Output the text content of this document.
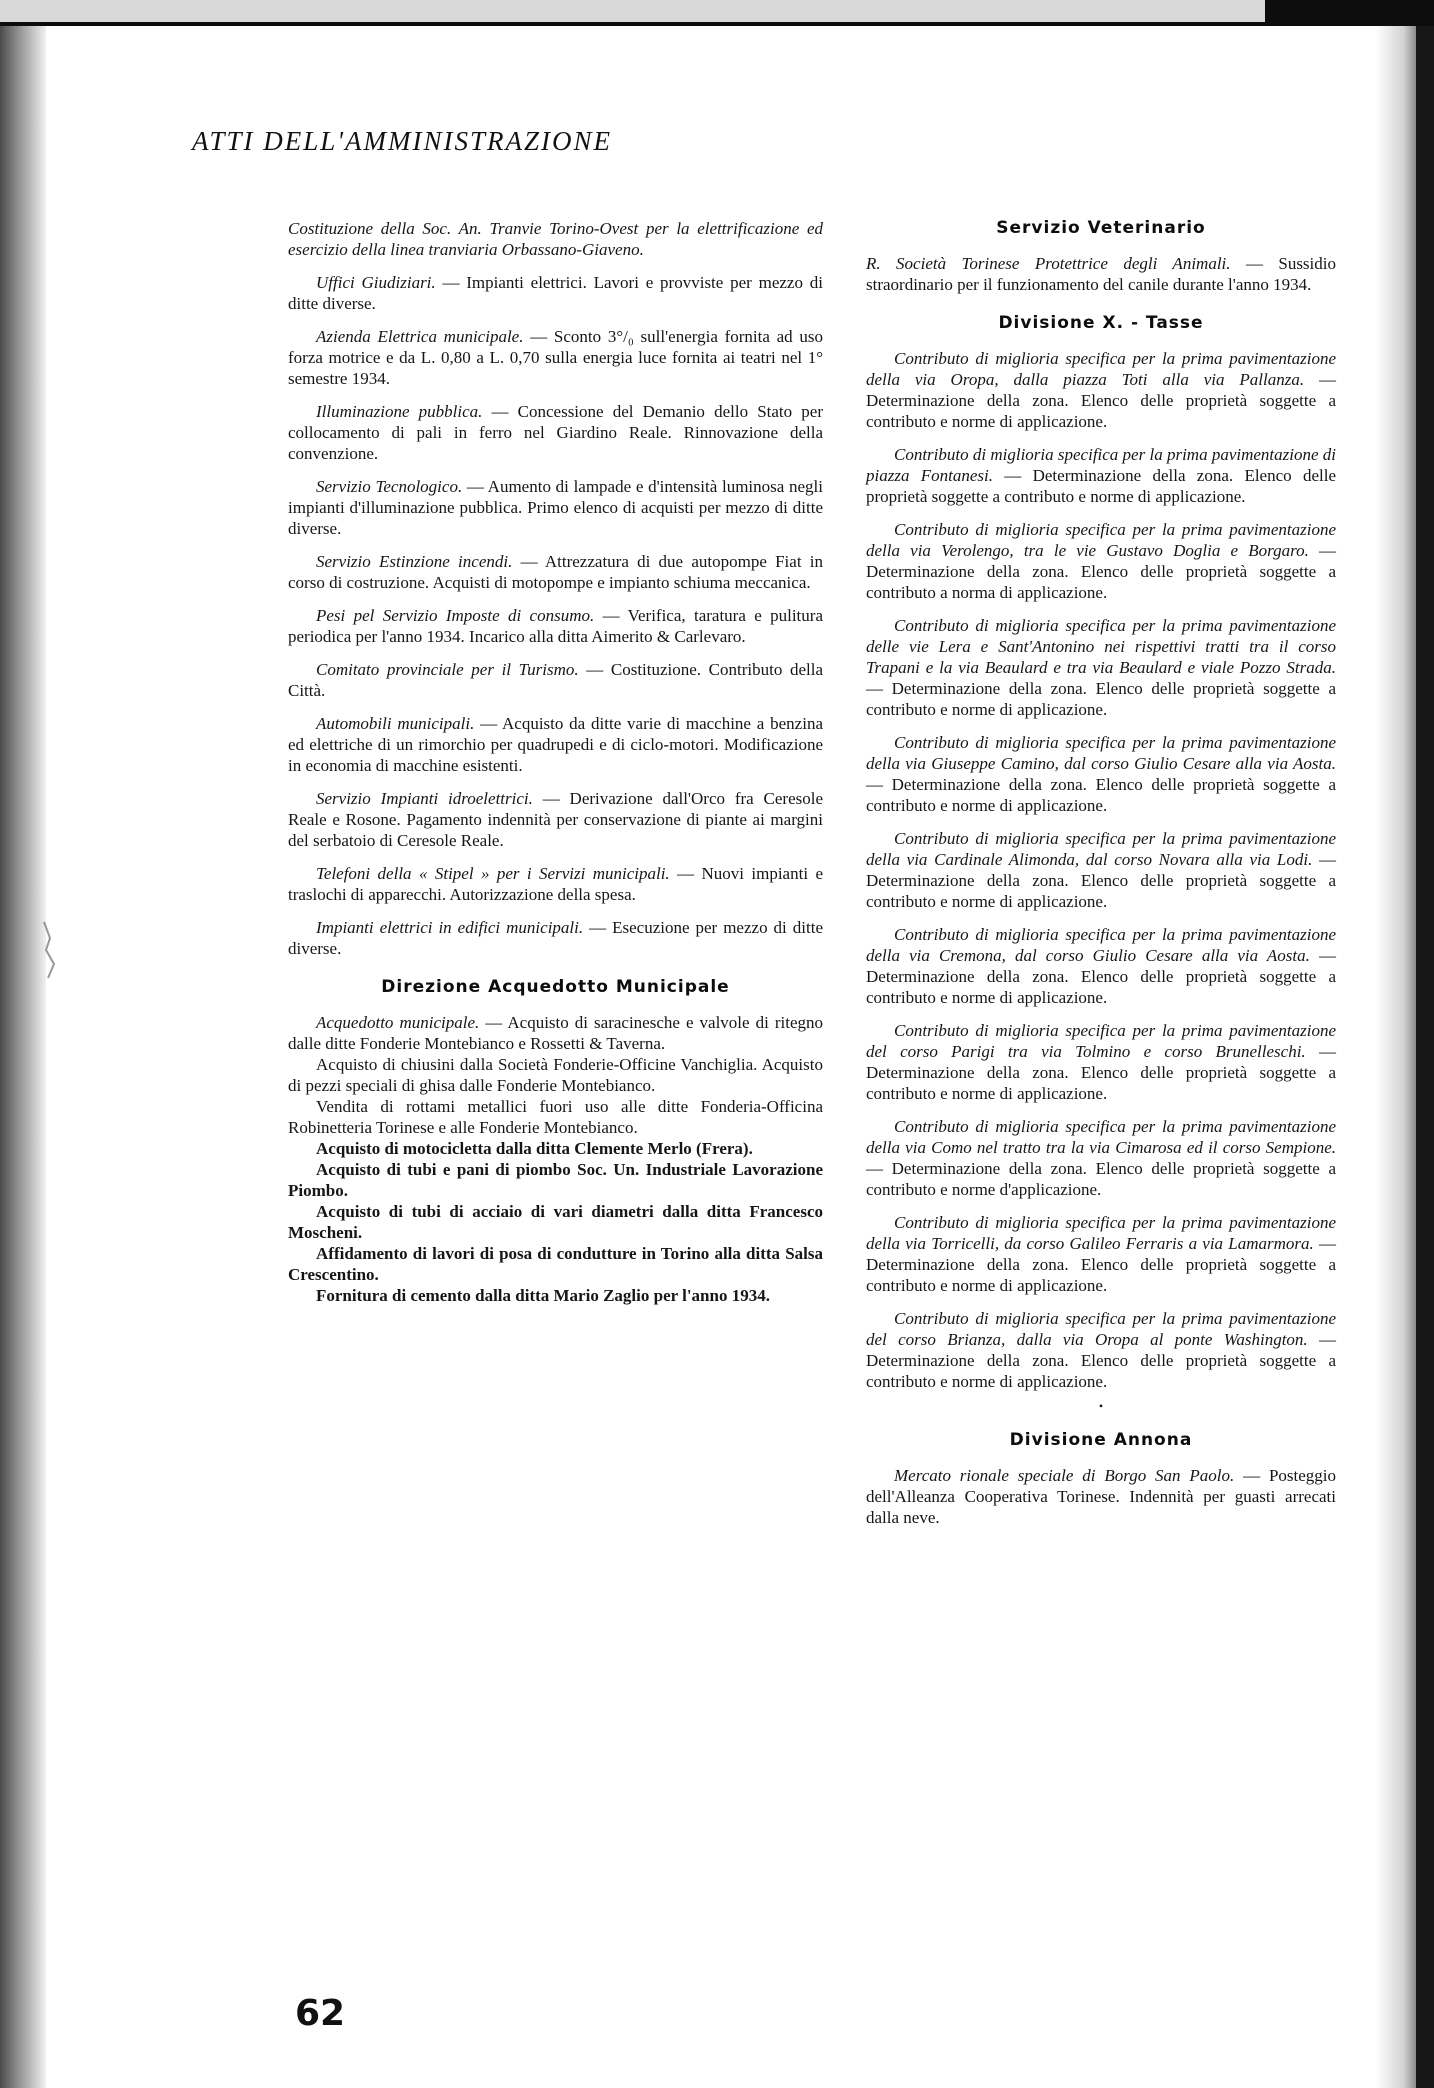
ATTI DELL'AMMINISTRAZIONE

Costituzione della Soc. An. Tranvie Torino-Ovest per la elettrificazione ed esercizio della linea tranviaria Orbassano-Giaveno.

Uffici Giudiziari. — Impianti elettrici. Lavori e provviste per mezzo di ditte diverse.

Azienda Elettrica municipale. — Sconto 3°/₀ sull'energia fornita ad uso forza motrice e da L. 0,80 a L. 0,70 sulla energia luce fornita ai teatri nel 1° semestre 1934.

Illuminazione pubblica. — Concessione del Demanio dello Stato per collocamento di pali in ferro nel Giardino Reale. Rinnovazione della convenzione.

Servizio Tecnologico. — Aumento di lampade e d'intensità luminosa negli impianti d'illuminazione pubblica. Primo elenco di acquisti per mezzo di ditte diverse.

Servizio Estinzione incendi. — Attrezzatura di due autopompe Fiat in corso di costruzione. Acquisti di motopompe e impianto schiuma meccanica.

Pesi pel Servizio Imposte di consumo. — Verifica, taratura e pulitura periodica per l'anno 1934. Incarico alla ditta Aimerito & Carlevaro.

Comitato provinciale per il Turismo. — Costituzione. Contributo della Città.

Automobili municipali. — Acquisto da ditte varie di macchine a benzina ed elettriche di un rimorchio per quadrupedi e di ciclo-motori. Modificazione in economia di macchine esistenti.

Servizio Impianti idroelettrici. — Derivazione dall'Orco fra Ceresole Reale e Rosone. Pagamento indennità per conservazione di piante ai margini del serbatoio di Ceresole Reale.

Telefoni della « Stipel » per i Servizi municipali. — Nuovi impianti e traslochi di apparecchi. Autorizzazione della spesa.

Impianti elettrici in edifici municipali. — Esecuzione per mezzo di ditte diverse.

Direzione Acquedotto Municipale

Acquedotto municipale. — Acquisto di saracinesche e valvole di ritegno dalle ditte Fonderie Montebianco e Rossetti & Taverna.

Acquisto di chiusini dalla Società Fonderie-Officine Vanchiglia. Acquisto di pezzi speciali di ghisa dalle Fonderie Montebianco.

Vendita di rottami metallici fuori uso alle ditte Fonderia-Officina Robinetteria Torinese e alle Fonderie Montebianco.

Acquisto di motocicletta dalla ditta Clemente Merlo (Frera).

Acquisto di tubi e pani di piombo Soc. Un. Industriale Lavorazione Piombo.

Acquisto di tubi di acciaio di vari diametri dalla ditta Francesco Moscheni.

Affidamento di lavori di posa di condutture in Torino alla ditta Salsa Crescentino.

Fornitura di cemento dalla ditta Mario Zaglio per l'anno 1934.

Servizio Veterinario

R. Società Torinese Protettrice degli Animali. — Sussidio straordinario per il funzionamento del canile durante l'anno 1934.

Divisione X. - Tasse

Contributo di miglioria specifica per la prima pavimentazione della via Oropa, dalla piazza Toti alla via Pallanza. — Determinazione della zona. Elenco delle proprietà soggette a contributo e norme di applicazione.

Contributo di miglioria specifica per la prima pavimentazione di piazza Fontanesi. — Determinazione della zona. Elenco delle proprietà soggette a contributo e norme di applicazione.

Contributo di miglioria specifica per la prima pavimentazione della via Verolengo, tra le vie Gustavo Doglia e Borgaro. — Determinazione della zona. Elenco delle proprietà soggette a contributo a norma di applicazione.

Contributo di miglioria specifica per la prima pavimentazione delle vie Lera e Sant'Antonino nei rispettivi tratti tra il corso Trapani e la via Beaulard e tra via Beaulard e viale Pozzo Strada. — Determinazione della zona. Elenco delle proprietà soggette a contributo e norme di applicazione.

Contributo di miglioria specifica per la prima pavimentazione della via Giuseppe Camino, dal corso Giulio Cesare alla via Aosta. — Determinazione della zona. Elenco delle proprietà soggette a contributo e norme di applicazione.

Contributo di miglioria specifica per la prima pavimentazione della via Cardinale Alimonda, dal corso Novara alla via Lodi. — Determinazione della zona. Elenco delle proprietà soggette a contributo e norme di applicazione.

Contributo di miglioria specifica per la prima pavimentazione della via Cremona, dal corso Giulio Cesare alla via Aosta. — Determinazione della zona. Elenco delle proprietà soggette a contributo e norme di applicazione.

Contributo di miglioria specifica per la prima pavimentazione del corso Parigi tra via Tolmino e corso Brunelleschi. — Determinazione della zona. Elenco delle proprietà soggette a contributo e norme di applicazione.

Contributo di miglioria specifica per la prima pavimentazione della via Como nel tratto tra la via Cimarosa ed il corso Sempione. — Determinazione della zona. Elenco delle proprietà soggette a contributo e norme d'applicazione.

Contributo di miglioria specifica per la prima pavimentazione della via Torricelli, da corso Galileo Ferraris a via Lamarmora. — Determinazione della zona. Elenco delle proprietà soggette a contributo e norme di applicazione.

Contributo di miglioria specifica per la prima pavimentazione del corso Brianza, dalla via Oropa al ponte Washington. — Determinazione della zona. Elenco delle proprietà soggette a contributo e norme di applicazione.

•
Divisione Annona

Mercato rionale speciale di Borgo San Paolo. — Posteggio dell'Alleanza Cooperativa Torinese. Indennità per guasti arrecati dalla neve.

62
